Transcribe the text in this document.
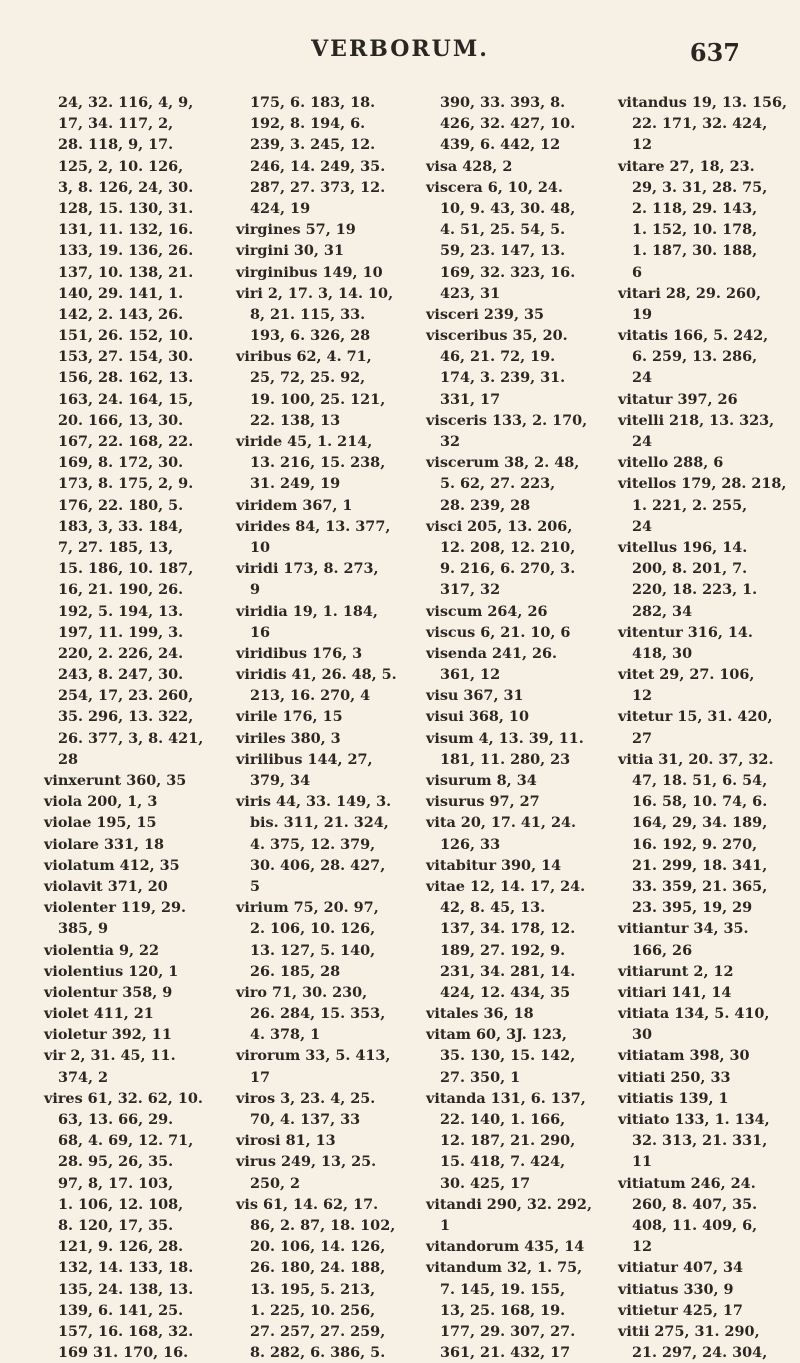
VERBORUM.	637
24, 32. 116, 4, 9,
17, 34. 117, 2,
28. 118, 9, 17.
125, 2, 10. 126,
3, 8. 126, 24, 30.
128, 15. 130, 31.
131, 11. 132, 16.
133, 19. 136, 26.
137, 10. 138, 21.
140, 29. 141, 1.
142, 2. 143, 26.
151, 26. 152, 10.
153, 27. 154, 30.
156, 28. 162, 13.
163, 24. 164, 15,
20. 166, 13, 30.
167, 22. 168, 22.
169, 8. 172, 30.
173, 8. 175, 2, 9.
176, 22. 180, 5.
183, 3, 33. 184,
7, 27. 185, 13,
15. 186, 10. 187,
16, 21. 190, 26.
192, 5. 194, 13.
197, 11. 199, 3.
220, 2. 226, 24.
243, 8. 247, 30.
254, 17, 23. 260,
35. 296, 13. 322,
26. 377, 3, 8. 421,
28
vinxerunt 360, 35
viola 200, 1, 3
violae 195, 15
violare 331, 18
violatum 412, 35
violavit 371, 20
violenter 119, 29.
385, 9
violentia 9, 22
violentius 120, 1
violentur 358, 9
violet 411, 21
violetur 392, 11
vir 2, 31. 45, 11.
374, 2
vires 61, 32. 62, 10.
63, 13. 66, 29.
68, 4. 69, 12. 71,
28. 95, 26, 35.
97, 8, 17. 103,
1. 106, 12. 108,
8. 120, 17, 35.
121, 9. 126, 28.
132, 14. 133, 18.
135, 24. 138, 13.
139, 6. 141, 25.
157, 16. 168, 32.
169 31. 170, 16.
175, 6. 183, 18.
192, 8. 194, 6.
239, 3. 245, 12.
246, 14. 249, 35.
287, 27. 373, 12.
424, 19
virgines 57, 19
virgini 30, 31
virginibus 149, 10
viri 2, 17. 3, 14. 10,
8, 21. 115, 33.
193, 6. 326, 28
viribus 62, 4. 71,
25, 72, 25. 92,
19. 100, 25. 121,
22. 138, 13
viride 45, 1. 214,
13. 216, 15. 238,
31. 249, 19
viridem 367, 1
virides 84, 13. 377,
10
viridi 173, 8. 273,
9
viridia 19, 1. 184,
16
viridibus 176, 3
viridis 41, 26. 48, 5.
213, 16. 270, 4
virile 176, 15
viriles 380, 3
virilibus 144, 27,
379, 34
viris 44, 33. 149, 3.
bis. 311, 21. 324,
4. 375, 12. 379,
30. 406, 28. 427,
5
virium 75, 20. 97,
2. 106, 10. 126,
13. 127, 5. 140,
26. 185, 28
viro 71, 30. 230,
26. 284, 15. 353,
4. 378, 1
virorum 33, 5. 413,
17
viros 3, 23. 4, 25.
70, 4. 137, 33
virosi 81, 13
virus 249, 13, 25.
250, 2
vis 61, 14. 62, 17.
86, 2. 87, 18. 102,
20. 106, 14. 126,
26. 180, 24. 188,
13. 195, 5. 213,
1. 225, 10. 256,
27. 257, 27. 259,
8. 282, 6. 386, 5.
390, 33. 393, 8.
426, 32. 427, 10.
439, 6. 442, 12
visa 428, 2
viscera 6, 10, 24.
10, 9. 43, 30. 48,
4. 51, 25. 54, 5.
59, 23. 147, 13.
169, 32. 323, 16.
423, 31
visceri 239, 35
visceribus 35, 20.
46, 21. 72, 19.
174, 3. 239, 31.
331, 17
visceris 133, 2. 170,
32
viscerum 38, 2. 48,
5. 62, 27. 223,
28. 239, 28
visci 205, 13. 206,
12. 208, 12. 210,
9. 216, 6. 270, 3.
317, 32
viscum 264, 26
viscus 6, 21. 10, 6
visenda 241, 26.
361, 12
visu 367, 31
visui 368, 10
visum 4, 13. 39, 11.
181, 11. 280, 23
visurum 8, 34
visurus 97, 27
vita 20, 17. 41, 24.
126, 33
vitabitur 390, 14
vitae 12, 14. 17, 24.
42, 8. 45, 13.
137, 34. 178, 12.
189, 27. 192, 9.
231, 34. 281, 14.
424, 12. 434, 35
vitales 36, 18
vitam 60, 3J. 123,
35. 130, 15. 142,
27. 350, 1
vitanda 131, 6. 137,
22. 140, 1. 166,
12. 187, 21. 290,
15. 418, 7. 424,
30. 425, 17
vitandi 290, 32. 292,
1
vitandorum 435, 14
vitandum 32, 1. 75,
7. 145, 19. 155,
13, 25. 168, 19.
177, 29. 307, 27.
361, 21. 432, 17
vitandus 19, 13. 156,
22. 171, 32. 424,
12
vitare 27, 18, 23.
29, 3. 31, 28. 75,
2. 118, 29. 143,
1. 152, 10. 178,
1. 187, 30. 188,
6
vitari 28, 29. 260,
19
vitatis 166, 5. 242,
6. 259, 13. 286,
24
vitatur 397, 26
vitelli 218, 13. 323,
24
vitello 288, 6
vitellos 179, 28. 218,
1. 221, 2. 255,
24
vitellus 196, 14.
200, 8. 201, 7.
220, 18. 223, 1.
282, 34
vitentur 316, 14.
418, 30
vitet 29, 27. 106,
12
vitetur 15, 31. 420,
27
vitia 31, 20. 37, 32.
47, 18. 51, 6. 54,
16. 58, 10. 74, 6.
164, 29, 34. 189,
16. 192, 9. 270,
21. 299, 18. 341,
33. 359, 21. 365,
23. 395, 19, 29
vitiantur 34, 35.
166, 26
vitiarunt 2, 12
vitiari 141, 14
vitiata 134, 5. 410,
30
vitiatam 398, 30
vitiati 250, 33
vitiatis 139, 1
vitiato 133, 1. 134,
32. 313, 21. 331,
11
vitiatum 246, 24.
260, 8. 407, 35.
408, 11. 409, 6,
12
vitiatur 407, 34
vitiatus 330, 9
vitietur 425, 17
vitii 275, 31. 290,
21. 297, 24. 304,
